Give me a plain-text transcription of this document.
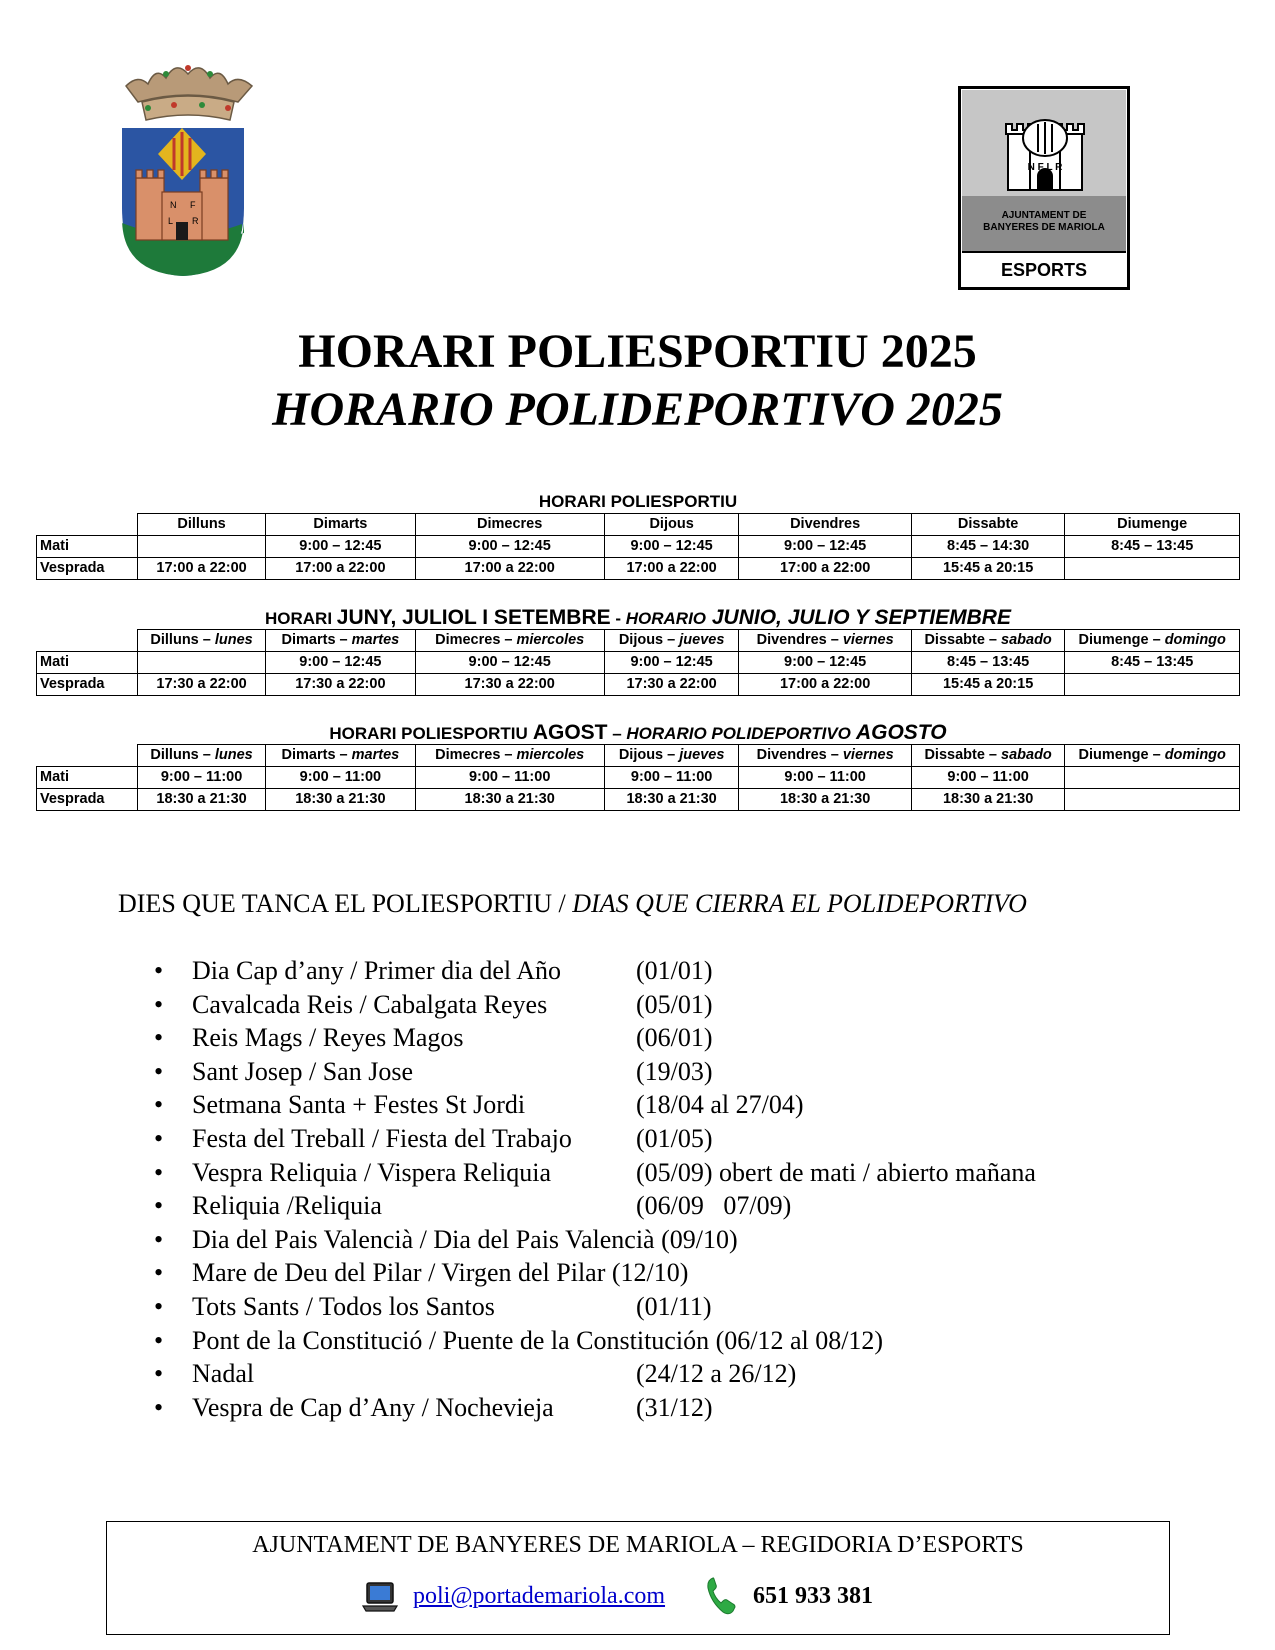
N F
L R
N F L R
AJUNTAMENT DE
BANYERES DE MARIOLA
ESPORTS
HORARI POLIESPORTIU 2025
HORARIO POLIDEPORTIVO 2025
HORARI POLIESPORTIU
	Dilluns	Dimarts	Dimecres	Dijous	Divendres	Dissabte	Diumenge
Mati		9:00 – 12:45	9:00 – 12:45	9:00 – 12:45	9:00 – 12:45	8:45 – 14:30	8:45 – 13:45
Vesprada	17:00 a 22:00	17:00 a 22:00	17:00 a 22:00	17:00 a 22:00	17:00 a 22:00	15:45 a 20:15	
HORARI JUNY, JULIOL I SETEMBRE - HORARIO JUNIO, JULIO Y SEPTIEMBRE
	Dilluns – lunes	Dimarts – martes	Dimecres – miercoles	Dijous – jueves	Divendres – viernes	Dissabte – sabado	Diumenge – domingo
Mati		9:00 – 12:45	9:00 – 12:45	9:00 – 12:45	9:00 – 12:45	8:45 – 13:45	8:45 – 13:45
Vesprada	17:30 a 22:00	17:30 a 22:00	17:30 a 22:00	17:30 a 22:00	17:00 a 22:00	15:45 a 20:15	
HORARI POLIESPORTIU AGOST – HORARIO POLIDEPORTIVO AGOSTO
	Dilluns – lunes	Dimarts – martes	Dimecres – miercoles	Dijous – jueves	Divendres – viernes	Dissabte – sabado	Diumenge – domingo
Mati	9:00 – 11:00	9:00 – 11:00	9:00 – 11:00	9:00 – 11:00	9:00 – 11:00	9:00 – 11:00	
Vesprada	18:30 a 21:30	18:30 a 21:30	18:30 a 21:30	18:30 a 21:30	18:30 a 21:30	18:30 a 21:30	
DIES QUE TANCA EL POLIESPORTIU / DIAS QUE CIERRA EL POLIDEPORTIVO
•	Dia Cap d’any / Primer dia del Año	(01/01)
•	Cavalcada Reis / Cabalgata Reyes	(05/01)
•	Reis Mags / Reyes Magos	(06/01)
•	Sant Josep / San Jose	(19/03)
•	Setmana Santa + Festes St Jordi	(18/04 al 27/04)
•	Festa del Treball / Fiesta del Trabajo (01/05)
•	Vespra Reliquia / Vispera Reliquia	(05/09) obert de mati / abierto mañana
•	Reliquia /Reliquia	(06/09   07/09)
•	Dia del Pais Valencià / Dia del Pais Valencià (09/10)
•	Mare de Deu del Pilar / Virgen del Pilar (12/10)
•	Tots Sants / Todos los Santos	(01/11)
•	Pont de la Constitució / Puente de la Constitución (06/12 al 08/12)
•	Nadal	(24/12 a 26/12)
•	Vespra de Cap d’Any / Nochevieja	(31/12)
AJUNTAMENT DE BANYERES DE MARIOLA – REGIDORIA D’ESPORTS
poli@portademariola.com	651 933 381
